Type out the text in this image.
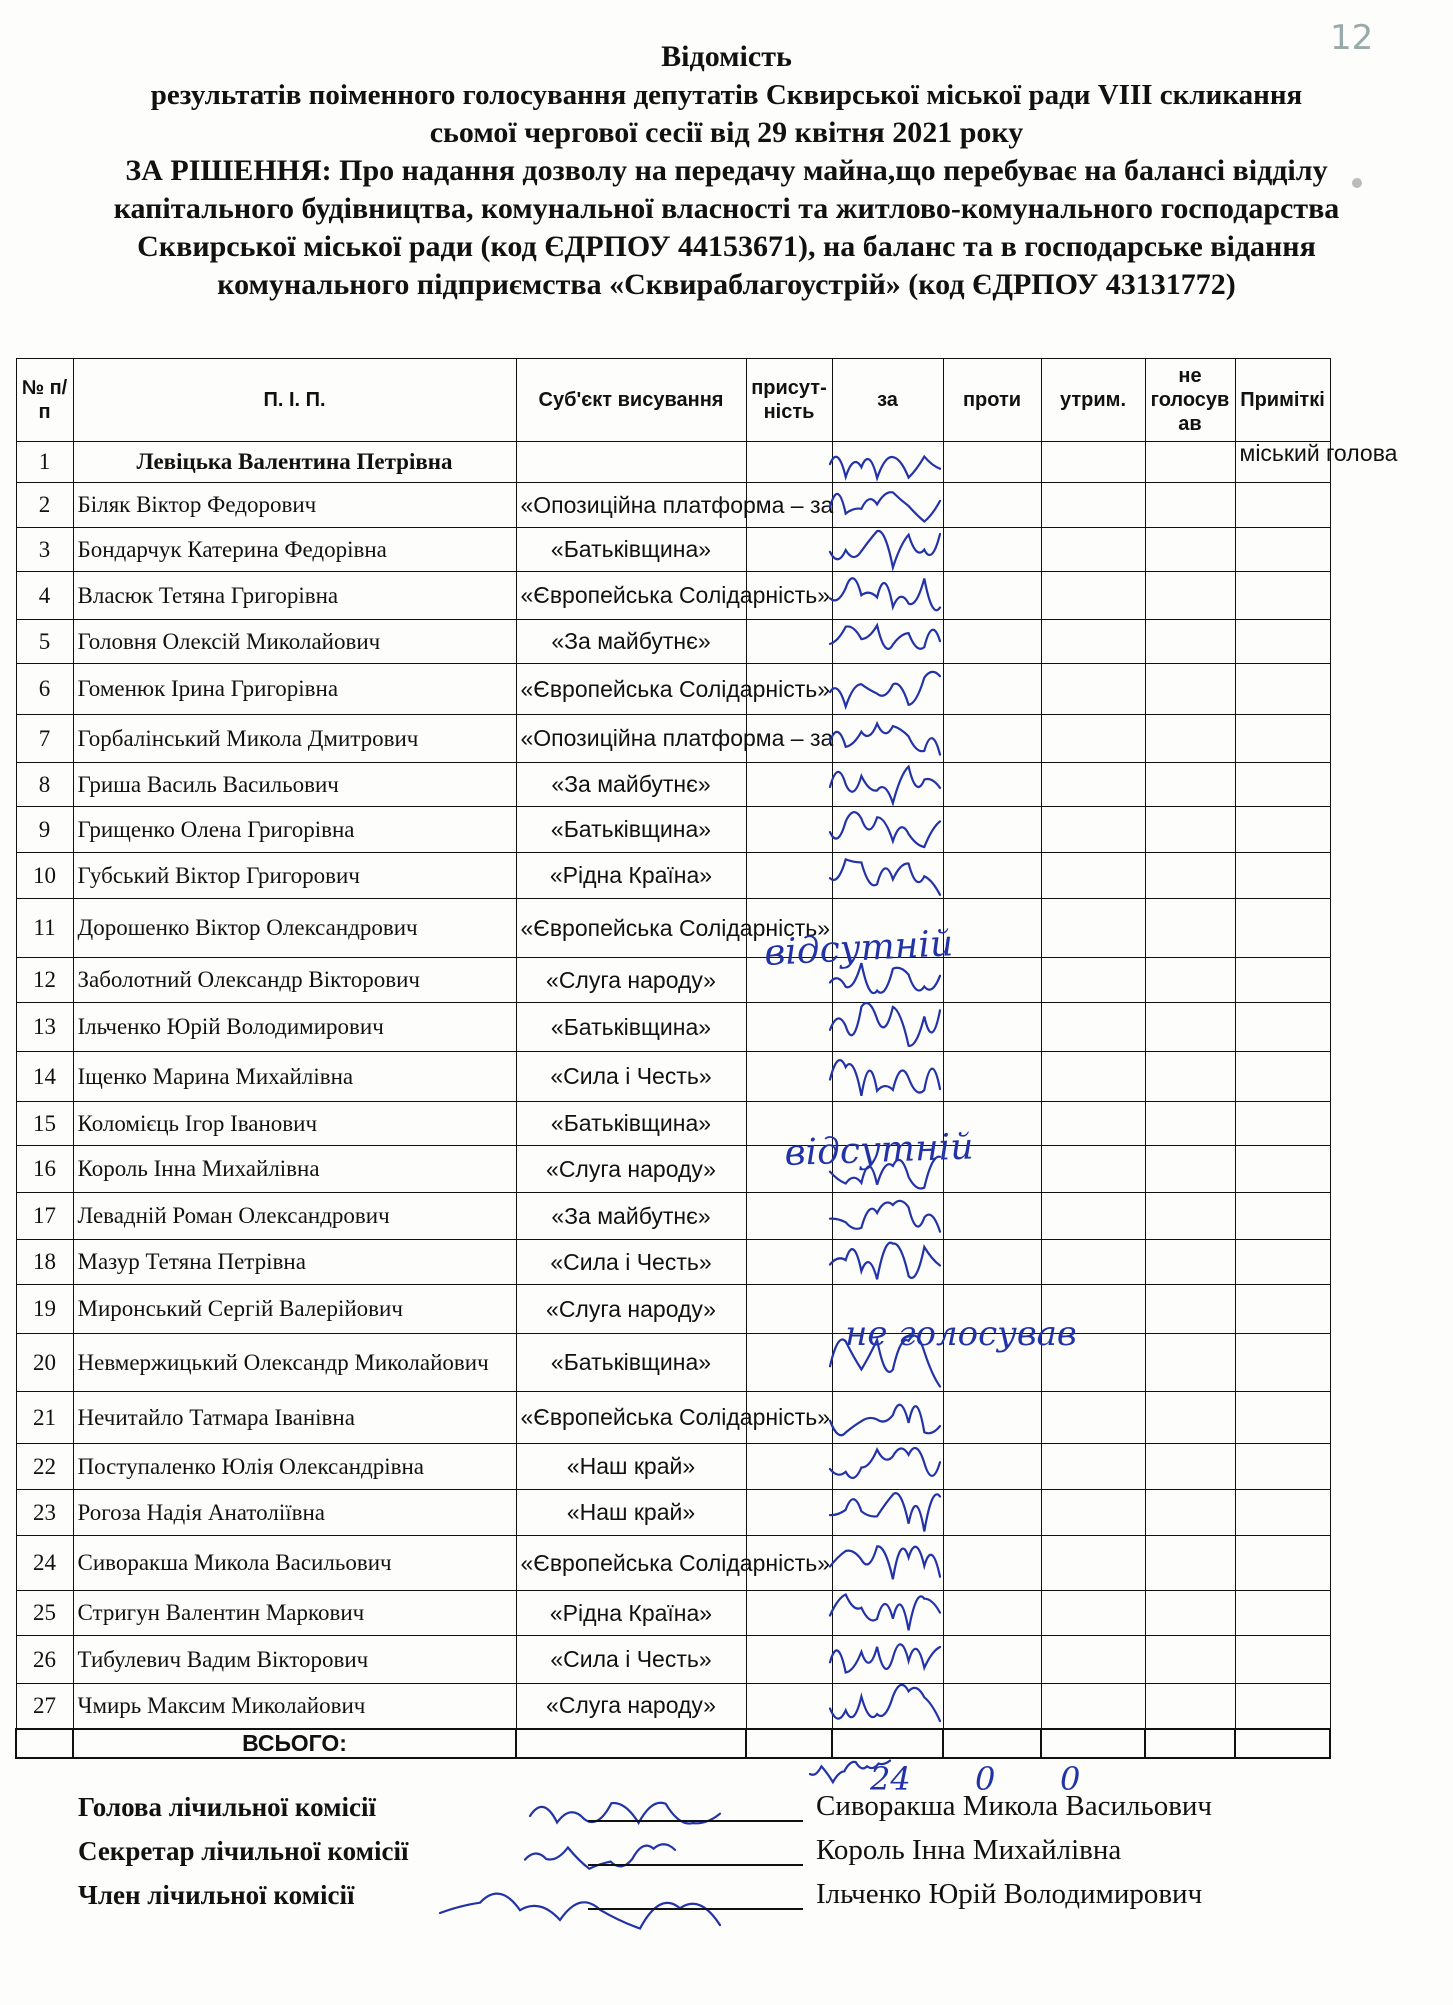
12
Відомість
результатів поіменного голосування депутатів Сквирської міської ради VIII скликання
сьомої чергової сесії від 29 квітня 2021 року
ЗА РІШЕННЯ: Про надання дозволу на передачу майна,що перебуває на балансі відділу капітального будівництва, комунальної власності та житлово-комунального господарства Сквирської міської ради (код ЄДРПОУ 44153671), на баланс та в господарське відання комунального підприємства «Сквираблагоустрій» (код ЄДРПОУ 43131772)
№ п/п	П. І. П.	Суб'єкт висування	присут-ність	за	проти	утрим.	не голосув ав	Приміткi
1	Левіцька Валентина Петрівна							міський голова
2	Біляк Віктор Федорович	«Опозиційна платформа – за						
3	Бондарчук Катерина Федорівна	«Батьківщина»						
4	Власюк Тетяна Григорівна	«Європейська Солідарність»						
5	Головня Олексій Миколайович	«За майбутнє»						
6	Гоменюк Ірина Григорівна	«Європейська Солідарність»						
7	Горбалінський Микола Дмитрович	«Опозиційна платформа – за						
8	Гриша Василь Васильович	«За майбутнє»						
9	Грищенко Олена Григорівна	«Батьківщина»						
10	Губський Віктор Григорович	«Рідна Країна»						
11	Дорошенко Віктор Олександрович	«Європейська Солідарність»						
12	Заболотний Олександр Вікторович	«Слуга народу»						
13	Ільченко Юрій Володимирович	«Батьківщина»						
14	Іщенко Марина Михайлівна	«Сила і Честь»						
15	Коломієць Ігор Іванович	«Батьківщина»						
16	Король Інна Михайлівна	«Слуга народу»						
17	Левадній Роман Олександрович	«За майбутнє»						
18	Мазур Тетяна Петрівна	«Сила і Честь»						
19	Миронський Сергій Валерійович	«Слуга народу»						
20	Невмержицький Олександр Миколайович	«Батьківщина»						
21	Нечитайло Татмара Іванівна	«Європейська Солідарність»						
22	Поступаленко Юлія Олександрівна	«Наш край»						
23	Рогоза Надія Анатоліївна	«Наш край»						
24	Сиворакша Микола Васильович	«Європейська Солідарність»						
25	Стригун Валентин Маркович	«Рідна Країна»						
26	Тибулевич Вадим Вікторович	«Сила і Честь»						
27	Чмирь Максим Миколайович	«Слуга народу»						
	ВСЬОГО:							
відсутній
відсутній
не голосував
24 0 0
Голова лічильної комісії	Сиворакша Микола Васильович
Секретар лічильної комісії	Король Інна Михайлівна
Член лічильної комісії	Ільченко Юрій Володимирович
